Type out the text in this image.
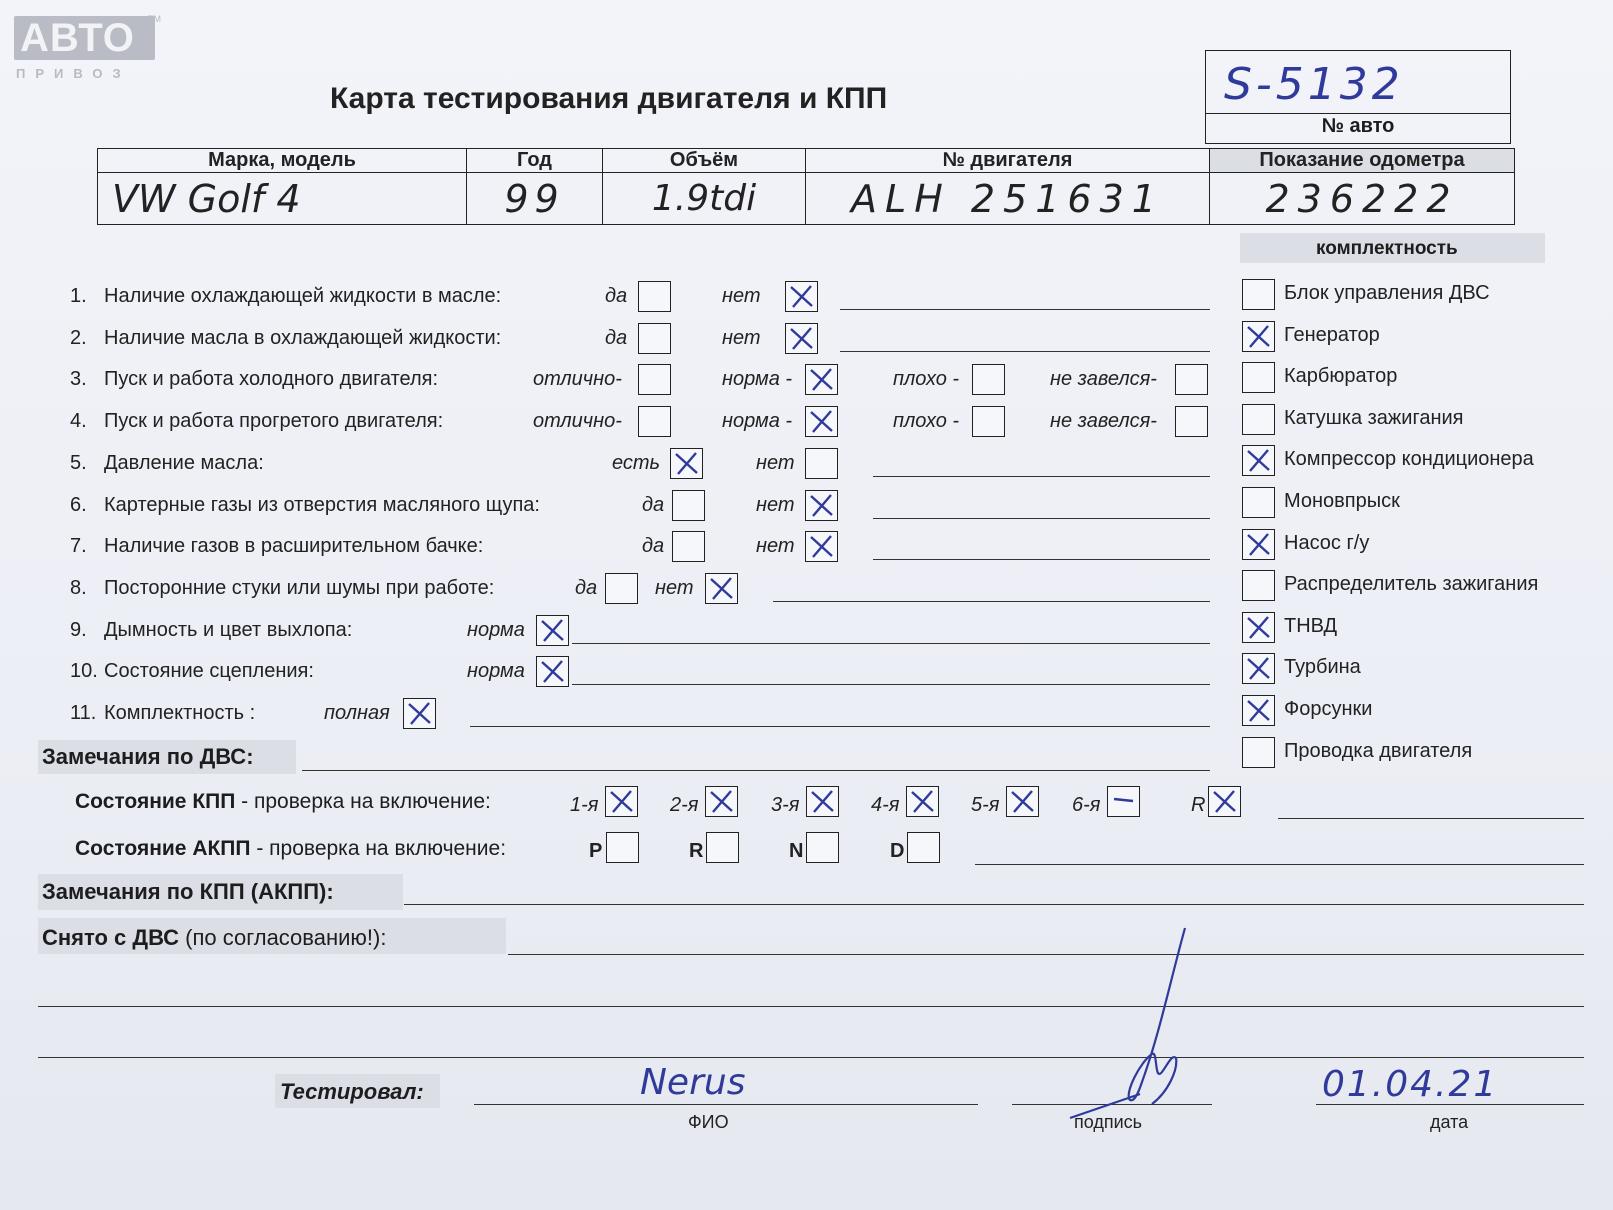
АВТО	TM
ПРИВОЗ
Карта тестирования двигателя и КПП	S-5132
№ авто
Марка, модель	Год	Объём	№ двигателя	Показание одометра
VW Golf 4	99	1.9tdi	ALH 251631	236222
комплектность
1. Наличие охлаждающей жидкости в масле:	да	нет
2. Наличие масла в охлаждающей жидкости:	да	нет
3. Пуск и работа холодного двигателя:	отлично-	норма -	плохо -	не завелся-
4. Пуск и работа прогретого двигателя:	отлично-	норма -	плохо -	не завелся-
5. Давление масла:	есть	нет
6. Картерные газы из отверстия масляного щупа:	да	нет
7. Наличие газов в расширительном бачке:	да	нет
8. Посторонние стуки или шумы при работе:	да	нет
9. Дымность и цвет выхлопа:	норма
10. Состояние сцепления:	норма
11. Комплектность :	полная
Блок управления ДВС
Генератор
Карбюратор
Катушка зажигания
Компрессор кондиционера
Моновпрыск
Насос г/у
Распределитель зажигания
ТНВД
Турбина
Форсунки
Проводка двигателя
Замечания по ДВС:
Состояние КПП - проверка на включение:	1-я	2-я	3-я	4-я	5-я	6-я	R
Состояние АКПП - проверка на включение:	P	R	N	D
Замечания по КПП (АКПП):
Снято с ДВС (по согласованию!):
Тестировал:	Nerus
ФИО	подпись
01.04.21
дата
